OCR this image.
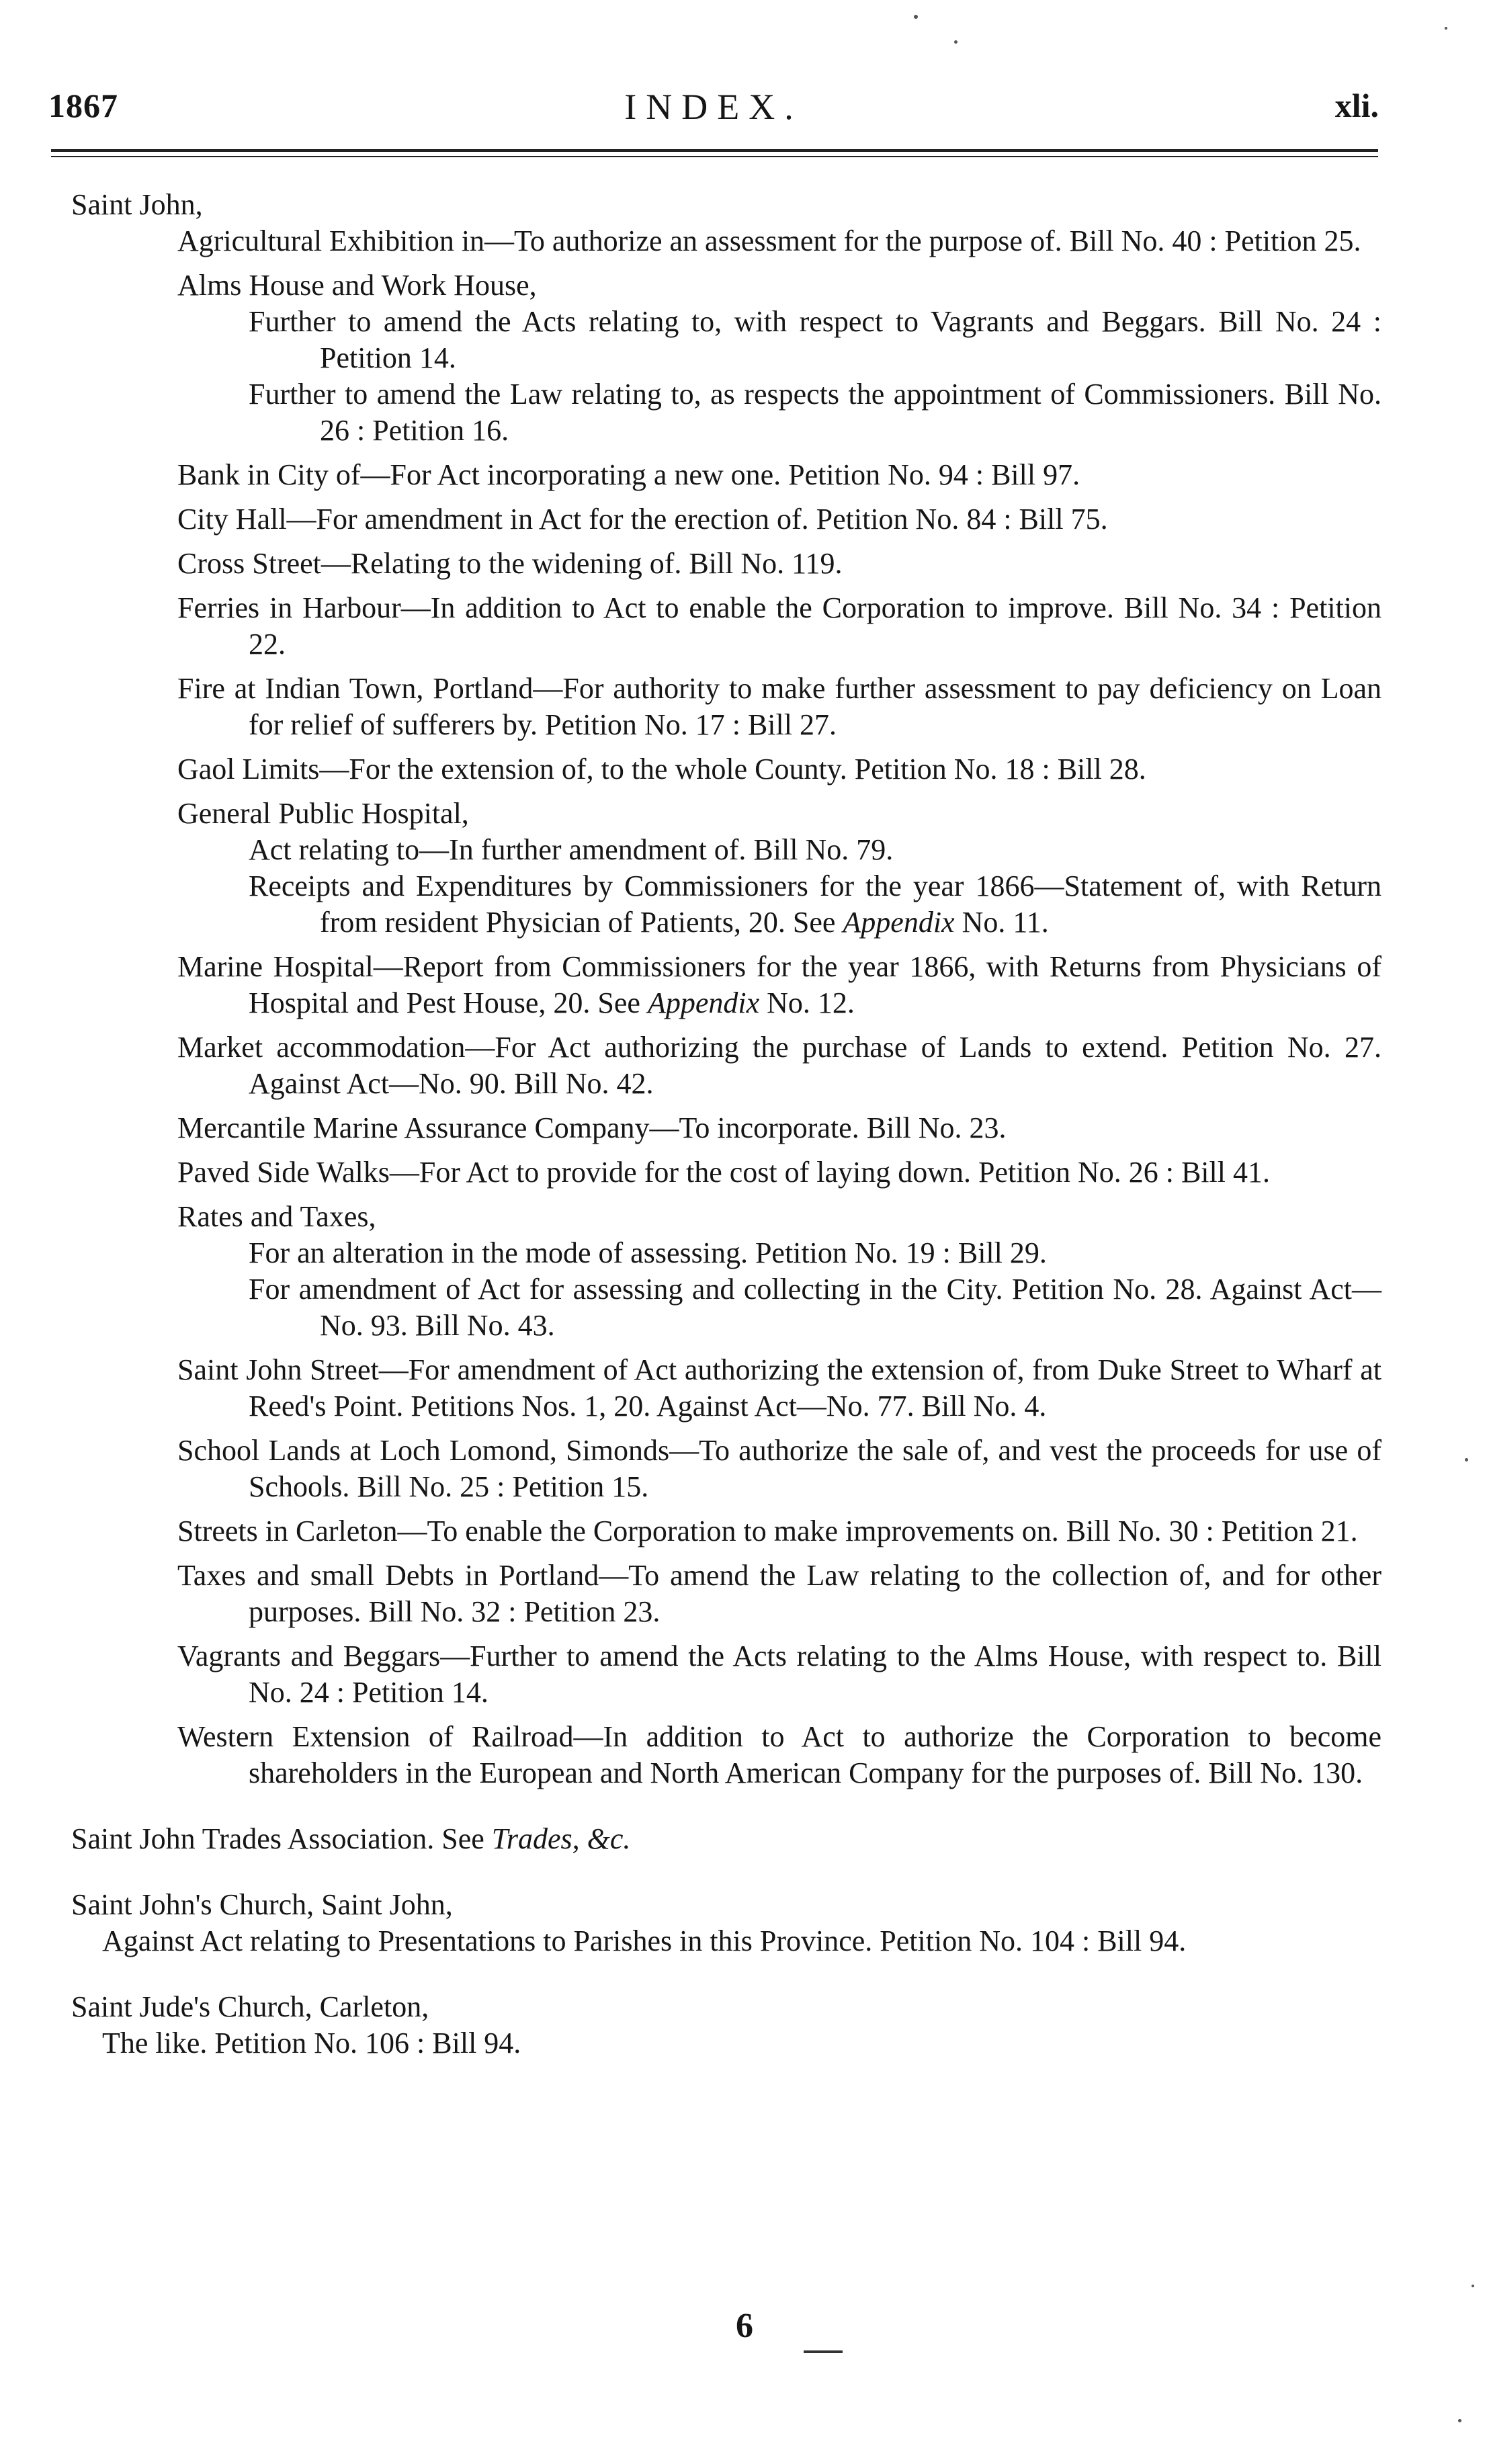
1867	INDEX.	xli.

Saint John,

Agricultural Exhibition in—To authorize an assessment for the purpose of. Bill No. 40 : Petition 25.

Alms House and Work House,

Further to amend the Acts relating to, with respect to Vagrants and Beggars. Bill No. 24 : Petition 14.

Further to amend the Law relating to, as respects the appointment of Commissioners. Bill No. 26 : Petition 16.

Bank in City of—For Act incorporating a new one. Petition No. 94 : Bill 97.

City Hall—For amendment in Act for the erection of. Petition No. 84 : Bill 75.

Cross Street—Relating to the widening of. Bill No. 119.

Ferries in Harbour—In addition to Act to enable the Corporation to improve. Bill No. 34 : Petition 22.

Fire at Indian Town, Portland—For authority to make further assessment to pay deficiency on Loan for relief of sufferers by. Petition No. 17 : Bill 27.

Gaol Limits—For the extension of, to the whole County. Petition No. 18 : Bill 28.

General Public Hospital,

Act relating to—In further amendment of. Bill No. 79.

Receipts and Expenditures by Commissioners for the year 1866—Statement of, with Return from resident Physician of Patients, 20. See Appendix No. 11.

Marine Hospital—Report from Commissioners for the year 1866, with Returns from Physicians of Hospital and Pest House, 20. See Appendix No. 12.

Market accommodation—For Act authorizing the purchase of Lands to extend. Petition No. 27. Against Act—No. 90. Bill No. 42.

Mercantile Marine Assurance Company—To incorporate. Bill No. 23.

Paved Side Walks—For Act to provide for the cost of laying down. Petition No. 26 : Bill 41.

Rates and Taxes,

For an alteration in the mode of assessing. Petition No. 19 : Bill 29.

For amendment of Act for assessing and collecting in the City. Petition No. 28. Against Act—No. 93. Bill No. 43.

Saint John Street—For amendment of Act authorizing the extension of, from Duke Street to Wharf at Reed's Point. Petitions Nos. 1, 20. Against Act—No. 77. Bill No. 4.

School Lands at Loch Lomond, Simonds—To authorize the sale of, and vest the proceeds for use of Schools. Bill No. 25 : Petition 15.

Streets in Carleton—To enable the Corporation to make improvements on. Bill No. 30 : Petition 21.

Taxes and small Debts in Portland—To amend the Law relating to the collection of, and for other purposes. Bill No. 32 : Petition 23.

Vagrants and Beggars—Further to amend the Acts relating to the Alms House, with respect to. Bill No. 24 : Petition 14.

Western Extension of Railroad—In addition to Act to authorize the Corporation to become shareholders in the European and North American Company for the purposes of. Bill No. 130.

Saint John Trades Association. See Trades, &c.

Saint John's Church, Saint John,

Against Act relating to Presentations to Parishes in this Province. Petition No. 104 : Bill 94.

Saint Jude's Church, Carleton,

The like. Petition No. 106 : Bill 94.

6
